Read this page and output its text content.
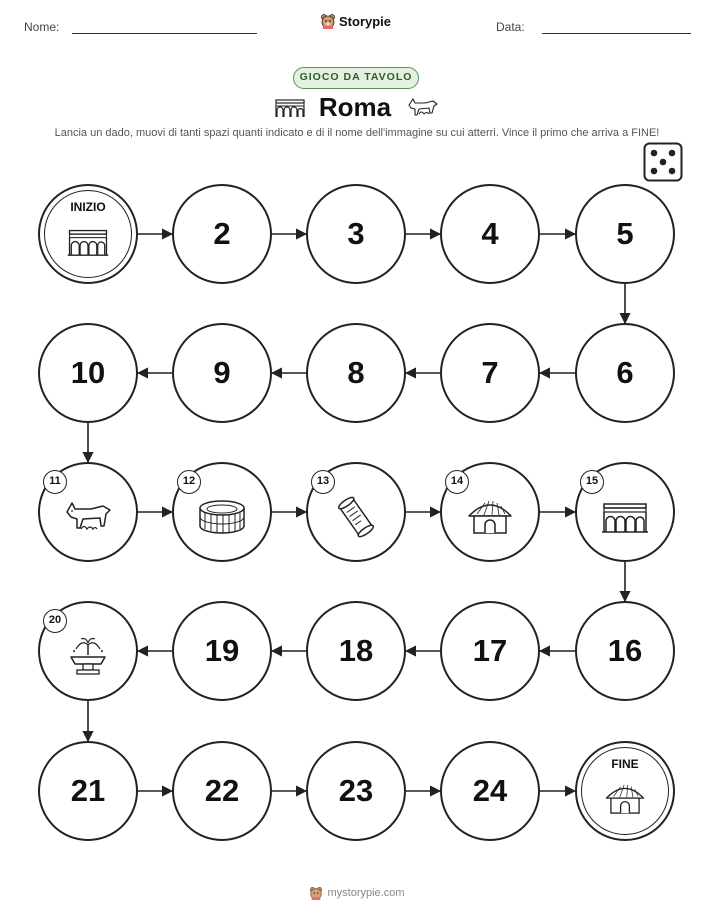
Nome:	Storypie	Data:
GIOCO DA TAVOLO
Roma
Lancia un dado, muovi di tanti spazi quanti indicato e di il nome dell'immagine su cui atterri. Vince il primo che arriva a FINE!
INIZIO
2	3	4	5
6
7
8
9
10
11	12	13	14	15
16
17
18
19
20
21	22	23	24
FINE
mystorypie.com
